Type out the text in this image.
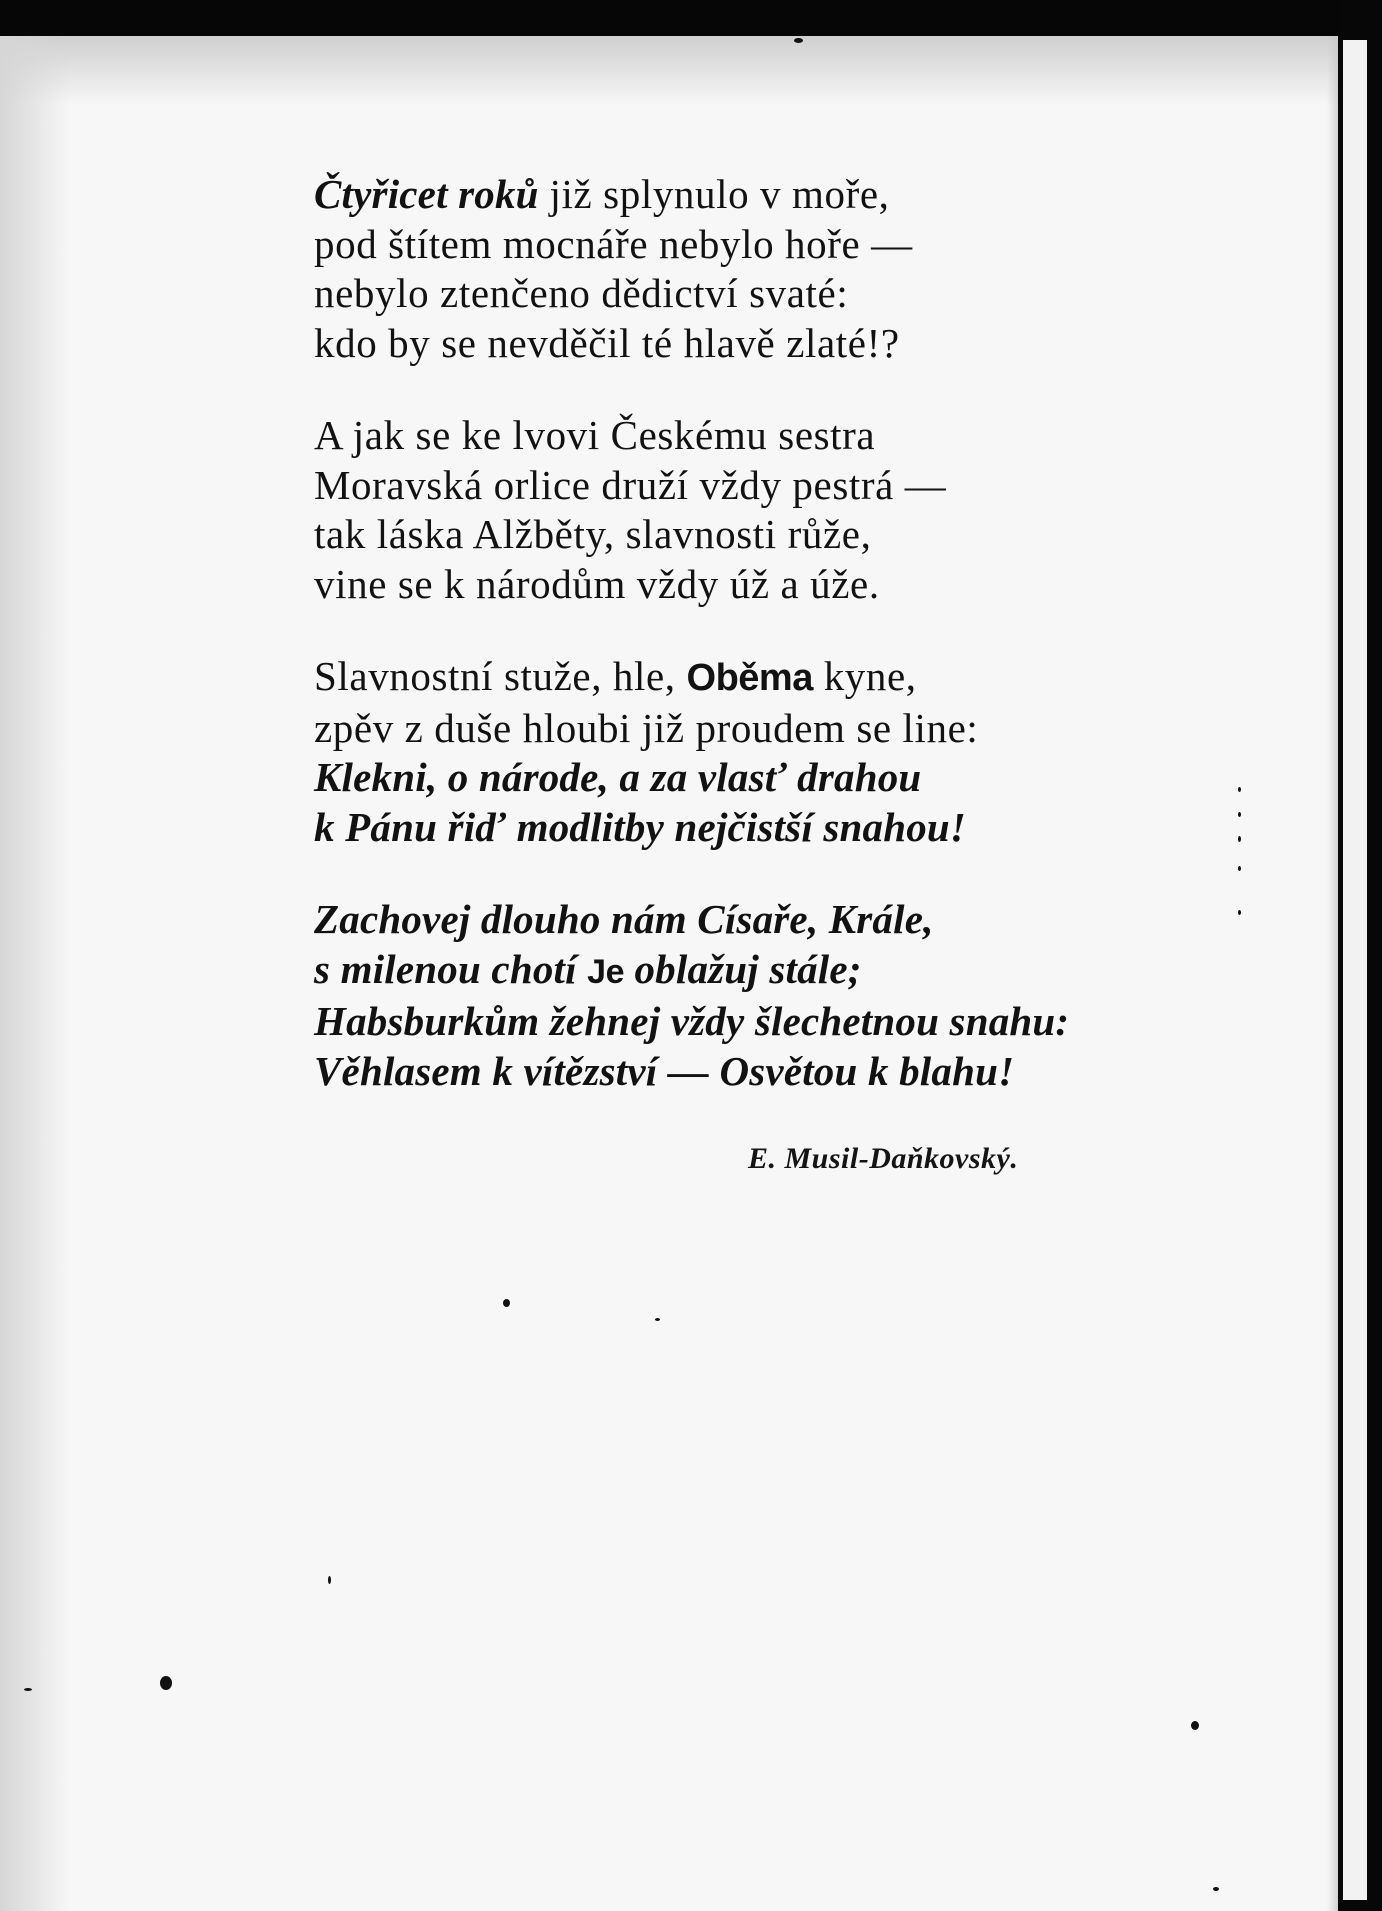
Čtyřicet roků již splynulo v moře,
pod štítem mocnáře nebylo hoře —
nebylo ztenčeno dědictví svaté:
kdo by se nevděčil té hlavě zlaté!?
A jak se ke lvovi Českému sestra
Moravská orlice druží vždy pestrá —
tak láska Alžběty, slavnosti růže,
vine se k národům vždy úž a úže.
Slavnostní stuže, hle, Oběma kyne,
zpěv z duše hloubi již proudem se line:
Klekni, o národe, a za vlasť drahou
k Pánu řiď modlitby nejčistší snahou!
Zachovej dlouho nám Císaře, Krále,
s milenou chotí Je oblažuj stále;
Habsburkům žehnej vždy šlechetnou snahu:
Věhlasem k vítězství — Osvětou k blahu!
E. Musil-Daňkovský.
